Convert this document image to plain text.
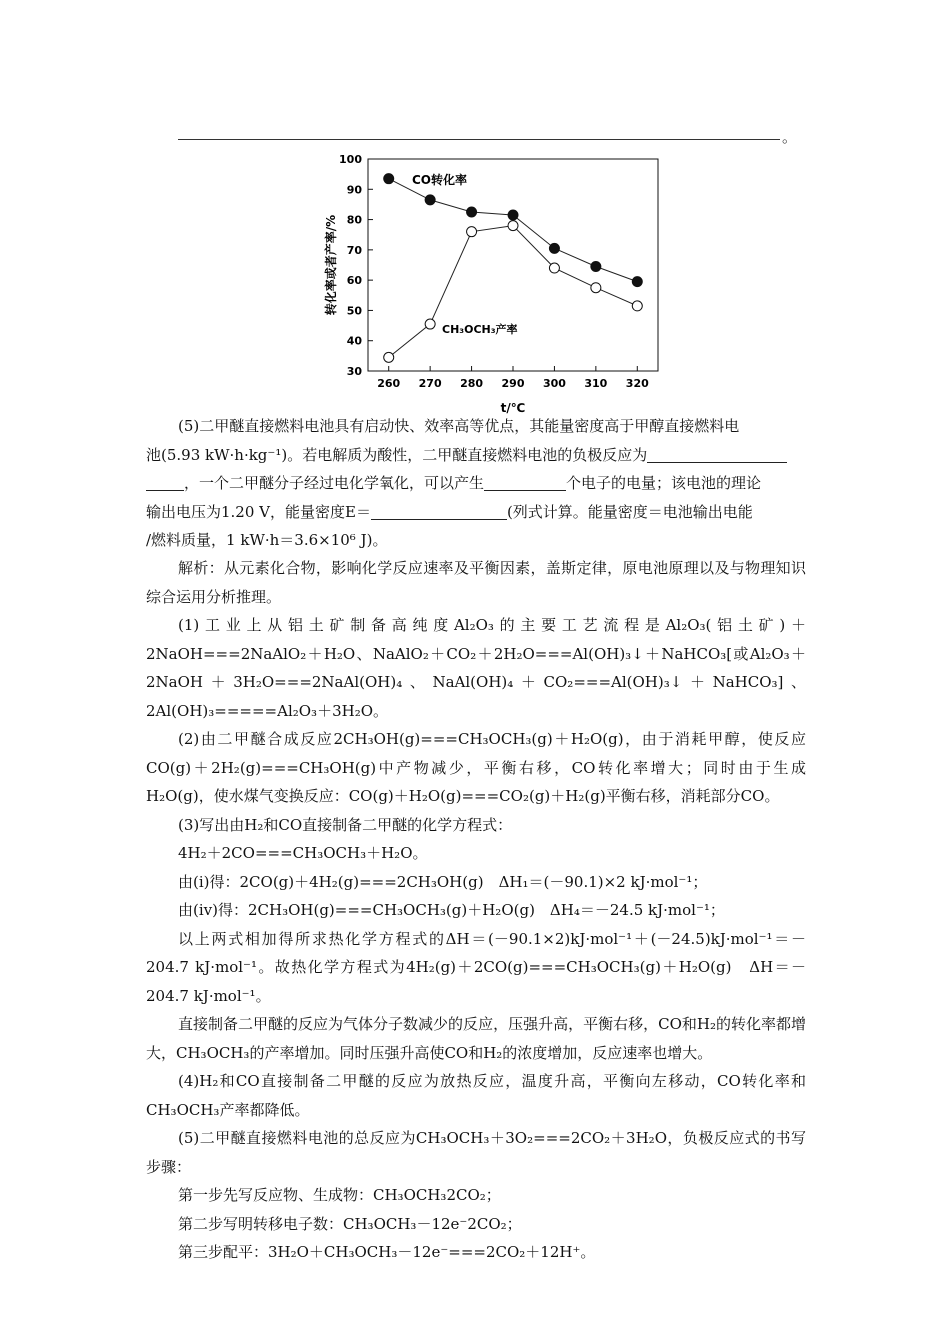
。
30
40
50
60
70
80
90
100
260 270 280 290 300 310 320
CO转化率
CH₃OCH₃产率
转化率或者产率/%
t/℃

(5)二甲醚直接燃料电池具有启动快、效率高等优点，其能量密度高于甲醇直接燃料电

池(5.93 kW·h·kg⁻¹)。若电解质为酸性，二甲醚直接燃料电池的负极反应为

，一个二甲醚分子经过电化学氧化，可以产生	个电子的电量；该电池的理论

输出电压为1.20 V，能量密度E＝	(列式计算。能量密度＝电池输出电能

/燃料质量，1 kW·h＝3.6×10⁶ J)。

解析：从元素化合物，影响化学反应速率及平衡因素，盖斯定律，原电池原理以及与物理知识综合运用分析推理。

(1)工业上从铝土矿制备高纯度Al₂O₃的主要工艺流程是Al₂O₃(铝土矿)＋2NaOH===2NaAlO₂＋H₂O、NaAlO₂＋CO₂＋2H₂O===Al(OH)₃↓＋NaHCO₃[或Al₂O₃＋2NaOH＋3H₂O===2NaAl(OH)₄、NaAl(OH)₄＋CO₂===Al(OH)₃↓＋NaHCO₃]、2Al(OH)₃=====Al₂O₃＋3H₂O。

(2)由二甲醚合成反应2CH₃OH(g)===CH₃OCH₃(g)＋H₂O(g)，由于消耗甲醇，使反应CO(g)＋2H₂(g)===CH₃OH(g)中产物减少，平衡右移，CO转化率增大；同时由于生成H₂O(g)，使水煤气变换反应：CO(g)＋H₂O(g)===CO₂(g)＋H₂(g)平衡右移，消耗部分CO。

(3)写出由H₂和CO直接制备二甲醚的化学方程式：

4H₂＋2CO===CH₃OCH₃＋H₂O。

由(ⅰ)得：2CO(g)＋4H₂(g)===2CH₃OH(g)　ΔH₁＝(－90.1)×2 kJ·mol⁻¹；

由(ⅳ)得：2CH₃OH(g)===CH₃OCH₃(g)＋H₂O(g)　ΔH₄＝－24.5 kJ·mol⁻¹；

以上两式相加得所求热化学方程式的ΔH＝(－90.1×2)kJ·mol⁻¹＋(－24.5)kJ·mol⁻¹＝－204.7 kJ·mol⁻¹。故热化学方程式为4H₂(g)＋2CO(g)===CH₃OCH₃(g)＋H₂O(g)　ΔH＝－204.7 kJ·mol⁻¹。

直接制备二甲醚的反应为气体分子数减少的反应，压强升高，平衡右移，CO和H₂的转化率都增大，CH₃OCH₃的产率增加。同时压强升高使CO和H₂的浓度增加，反应速率也增大。

(4)H₂和CO直接制备二甲醚的反应为放热反应，温度升高，平衡向左移动，CO转化率和CH₃OCH₃产率都降低。

(5)二甲醚直接燃料电池的总反应为CH₃OCH₃＋3O₂===2CO₂＋3H₂O，负极反应式的书写步骤：

第一步先写反应物、生成物：CH₃OCH₃2CO₂；

第二步写明转移电子数：CH₃OCH₃－12e⁻2CO₂；

第三步配平：3H₂O＋CH₃OCH₃－12e⁻===2CO₂＋12H⁺。
